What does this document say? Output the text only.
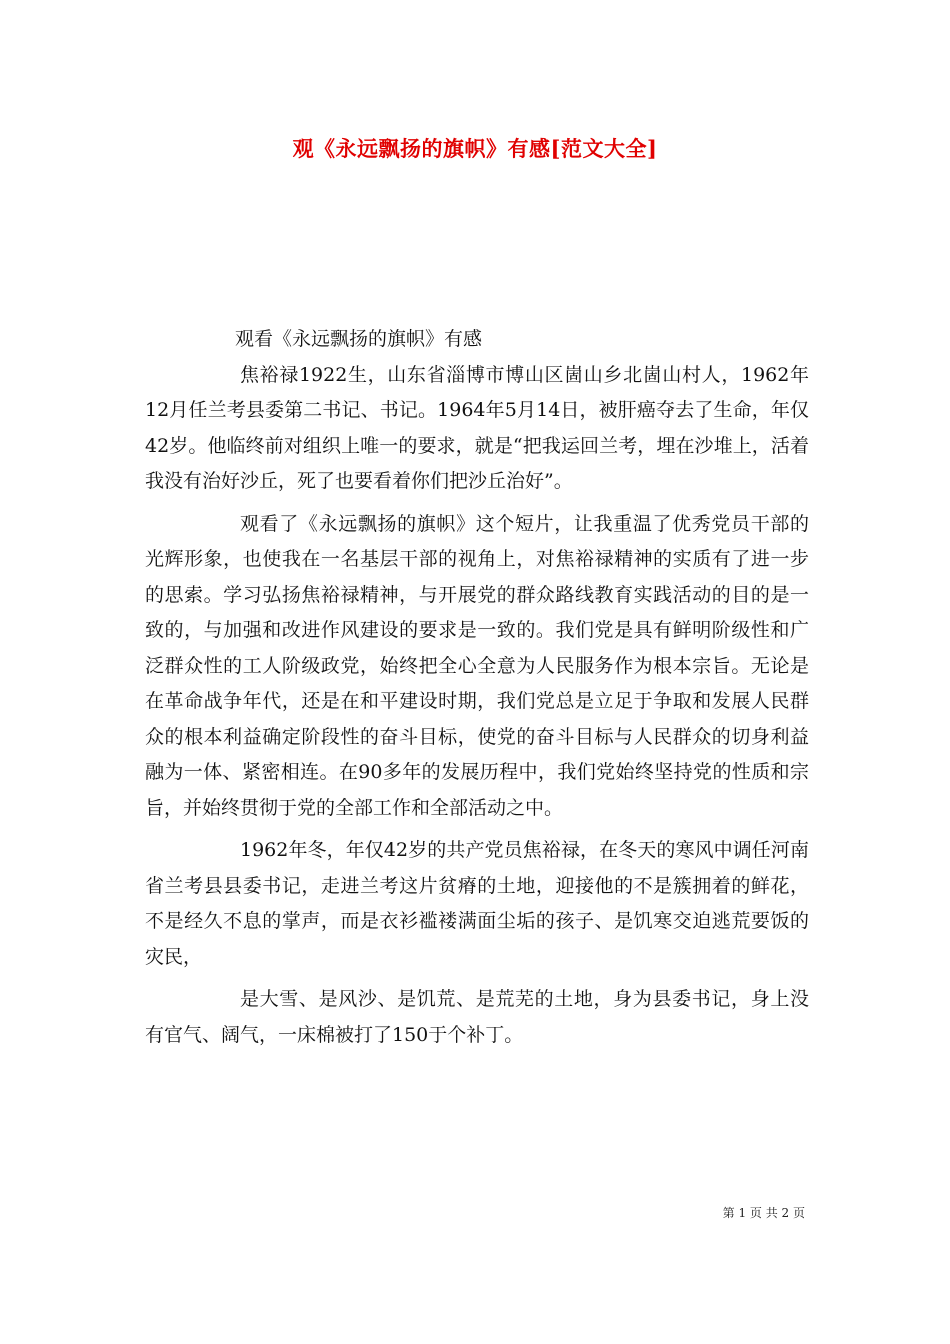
观《永远飘扬的旗帜》有感[范文大全]

观看《永远飘扬的旗帜》有感

焦裕禄1922生，山东省淄博市博山区崮山乡北崮山村人，1962年12月任兰考县委第二书记、书记。1964年5月14日，被肝癌夺去了生命，年仅42岁。他临终前对组织上唯一的要求，就是“把我运回兰考，埋在沙堆上，活着我没有治好沙丘，死了也要看着你们把沙丘治好”。

观看了《永远飘扬的旗帜》这个短片，让我重温了优秀党员干部的光辉形象，也使我在一名基层干部的视角上，对焦裕禄精神的实质有了进一步的思索。学习弘扬焦裕禄精神，与开展党的群众路线教育实践活动的目的是一致的，与加强和改进作风建设的要求是一致的。我们党是具有鲜明阶级性和广泛群众性的工人阶级政党，始终把全心全意为人民服务作为根本宗旨。无论是在革命战争年代，还是在和平建设时期，我们党总是立足于争取和发展人民群众的根本利益确定阶段性的奋斗目标，使党的奋斗目标与人民群众的切身利益融为一体、紧密相连。在90多年的发展历程中，我们党始终坚持党的性质和宗旨，并始终贯彻于党的全部工作和全部活动之中。

1962年冬，年仅42岁的共产党员焦裕禄，在冬天的寒风中调任河南省兰考县县委书记，走进兰考这片贫瘠的土地，迎接他的不是簇拥着的鲜花，不是经久不息的掌声，而是衣衫褴褛满面尘垢的孩子、是饥寒交迫逃荒要饭的灾民，

是大雪、是风沙、是饥荒、是荒芜的土地，身为县委书记，身上没有官气、阔气，一床棉被打了150于个补丁。

第 1 页 共 2 页
